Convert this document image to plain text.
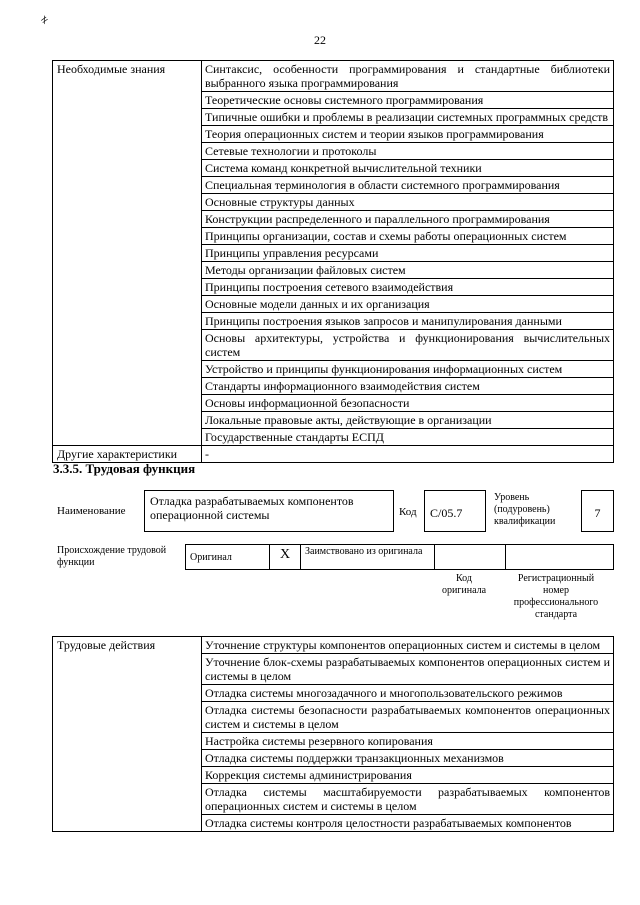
≠
22
Необходимые знания	Синтаксис, особенности программирования и стандартные библиотеки выбранного языка программирования
	Теоретические основы системного программирования
	Типичные ошибки и проблемы в реализации системных программных средств
	Теория операционных систем и теории языков программирования
	Сетевые технологии и протоколы
	Система команд конкретной вычислительной техники
	Специальная терминология в области системного программирования
	Основные структуры данных
	Конструкции распределенного и параллельного программирования
	Принципы организации, состав и схемы работы операционных систем
	Принципы управления ресурсами
	Методы организации файловых систем
	Принципы построения сетевого взаимодействия
	Основные модели данных и их организация
	Принципы построения языков запросов и манипулирования данными
	Основы архитектуры, устройства и функционирования вычислительных систем
	Устройство и принципы функционирования информационных систем
	Стандарты информационного взаимодействия систем
	Основы информационной безопасности
	Локальные правовые акты, действующие в организации
	Государственные стандарты ЕСПД
Другие характеристики	-
3.3.5. Трудовая функция
Наименование
Отладка разрабатываемых компонентов операционной системы	Код	С/05.7
Уровень (подуровень) квалификации
7
Происхождение трудовой функции	Оригинал	X	Заимствовано из оригинала		
Код оригинала
Регистрационный номер профессионального стандарта
Трудовые действия	Уточнение структуры компонентов операционных систем и системы в целом
Уточнение блок-схемы разрабатываемых компонентов операционных систем и системы в целом
Отладка системы многозадачного и многопользовательского режимов
Отладка системы безопасности разрабатываемых компонентов операционных систем и системы в целом
Настройка системы резервного копирования
Отладка системы поддержки транзакционных механизмов
Коррекция системы администрирования
Отладка системы масштабируемости разрабатываемых компонентов операционных систем и системы в целом
Отладка системы контроля целостности разрабатываемых компонентов
